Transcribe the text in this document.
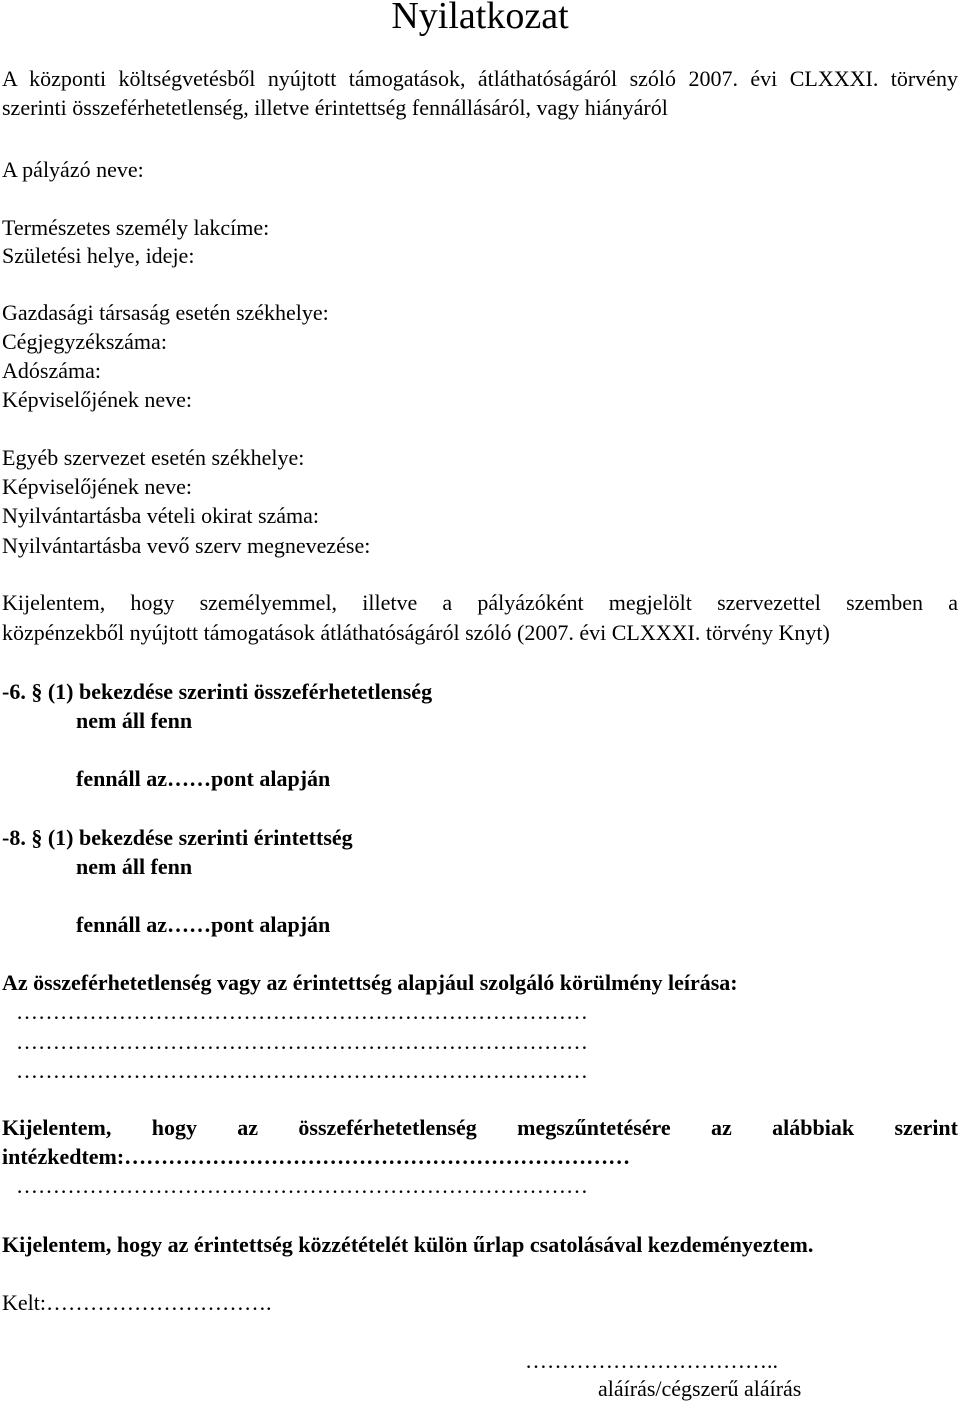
Nyilatkozat
A központi költségvetésből nyújtott támogatások, átláthatóságáról szóló 2007. évi CLXXXI. törvény
szerinti összeférhetetlenség, illetve érintettség fennállásáról, vagy hiányáról
A pályázó neve:
Természetes személy lakcíme:
Születési helye, ideje:
Gazdasági társaság esetén székhelye:
Cégjegyzékszáma:
Adószáma:
Képviselőjének neve:
Egyéb szervezet esetén székhelye:
Képviselőjének neve:
Nyilvántartásba vételi okirat száma:
Nyilvántartásba vevő szerv megnevezése:
Kijelentem, hogy személyemmel, illetve a pályázóként megjelölt szervezettel szemben a
közpénzekből nyújtott támogatások átláthatóságáról szóló (2007. évi CLXXXI. törvény Knyt)
-6. § (1) bekezdése szerinti összeférhetetlenség
nem áll fenn
fennáll az……pont alapján
-8. § (1) bekezdése szerinti érintettség
nem áll fenn
fennáll az……pont alapján
Az összeférhetetlenség vagy az érintettség alapjául szolgáló körülmény leírása:
……………………………………………………………………
……………………………………………………………………
……………………………………………………………………
Kijelentem, hogy az összeférhetetlenség megszűntetésére az alábbiak szerint
intézkedtem:……………………………………………………………
……………………………………………………………………
Kijelentem, hogy az érintettség közzétételét külön űrlap csatolásával kezdeményeztem.
Kelt:………………………….
……………………………..
aláírás/cégszerű aláírás
